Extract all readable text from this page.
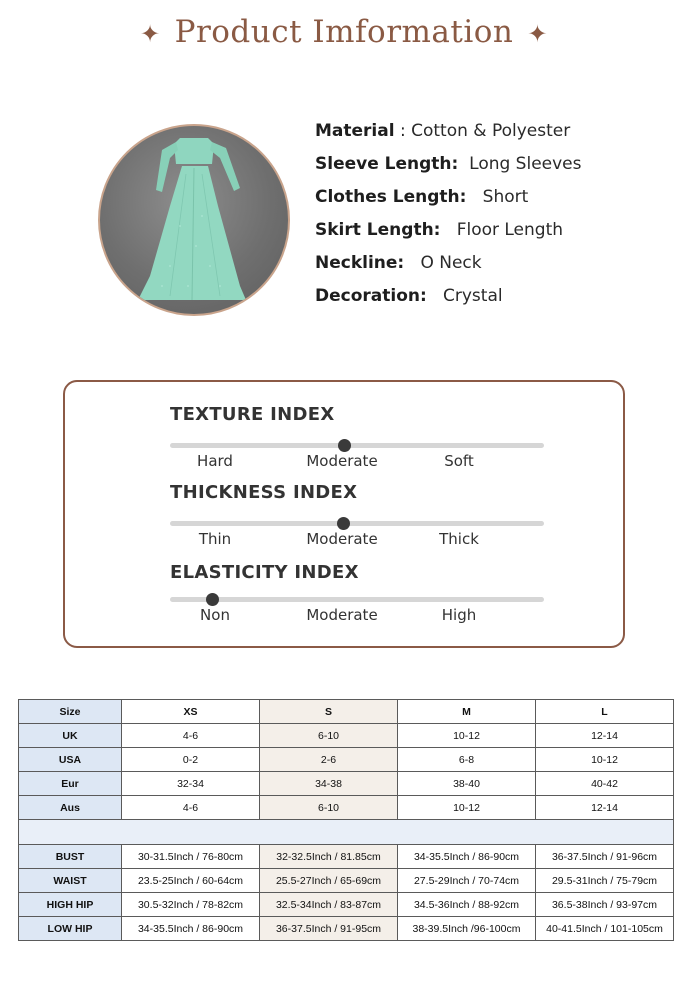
✦ Product Imformation ✦
Material : Cotton & Polyester
Sleeve Length: Long Sleeves
Clothes Length: Short
Skirt Length: Floor Length
Neckline: O Neck
Decoration: Crystal
TEXTURE INDEX
Hard	Moderate	Soft
THICKNESS INDEX
Thin	Moderate	Thick
ELASTICITY INDEX
Non	Moderate	High
Size	XS	S	M	L
UK	4-6	6-10	10-12	12-14
USA	0-2	2-6	6-8	10-12
Eur	32-34	34-38	38-40	40-42
Aus	4-6	6-10	10-12	12-14

BUST	30-31.5Inch / 76-80cm	32-32.5Inch / 81.85cm	34-35.5Inch / 86-90cm	36-37.5Inch / 91-96cm
WAIST	23.5-25Inch / 60-64cm	25.5-27Inch / 65-69cm	27.5-29Inch / 70-74cm	29.5-31Inch / 75-79cm
HIGH HIP	30.5-32Inch / 78-82cm	32.5-34Inch / 83-87cm	34.5-36Inch / 88-92cm	36.5-38Inch / 93-97cm
LOW HIP	34-35.5Inch / 86-90cm	36-37.5Inch / 91-95cm	38-39.5Inch /96-100cm	40-41.5Inch / 101-105cm
